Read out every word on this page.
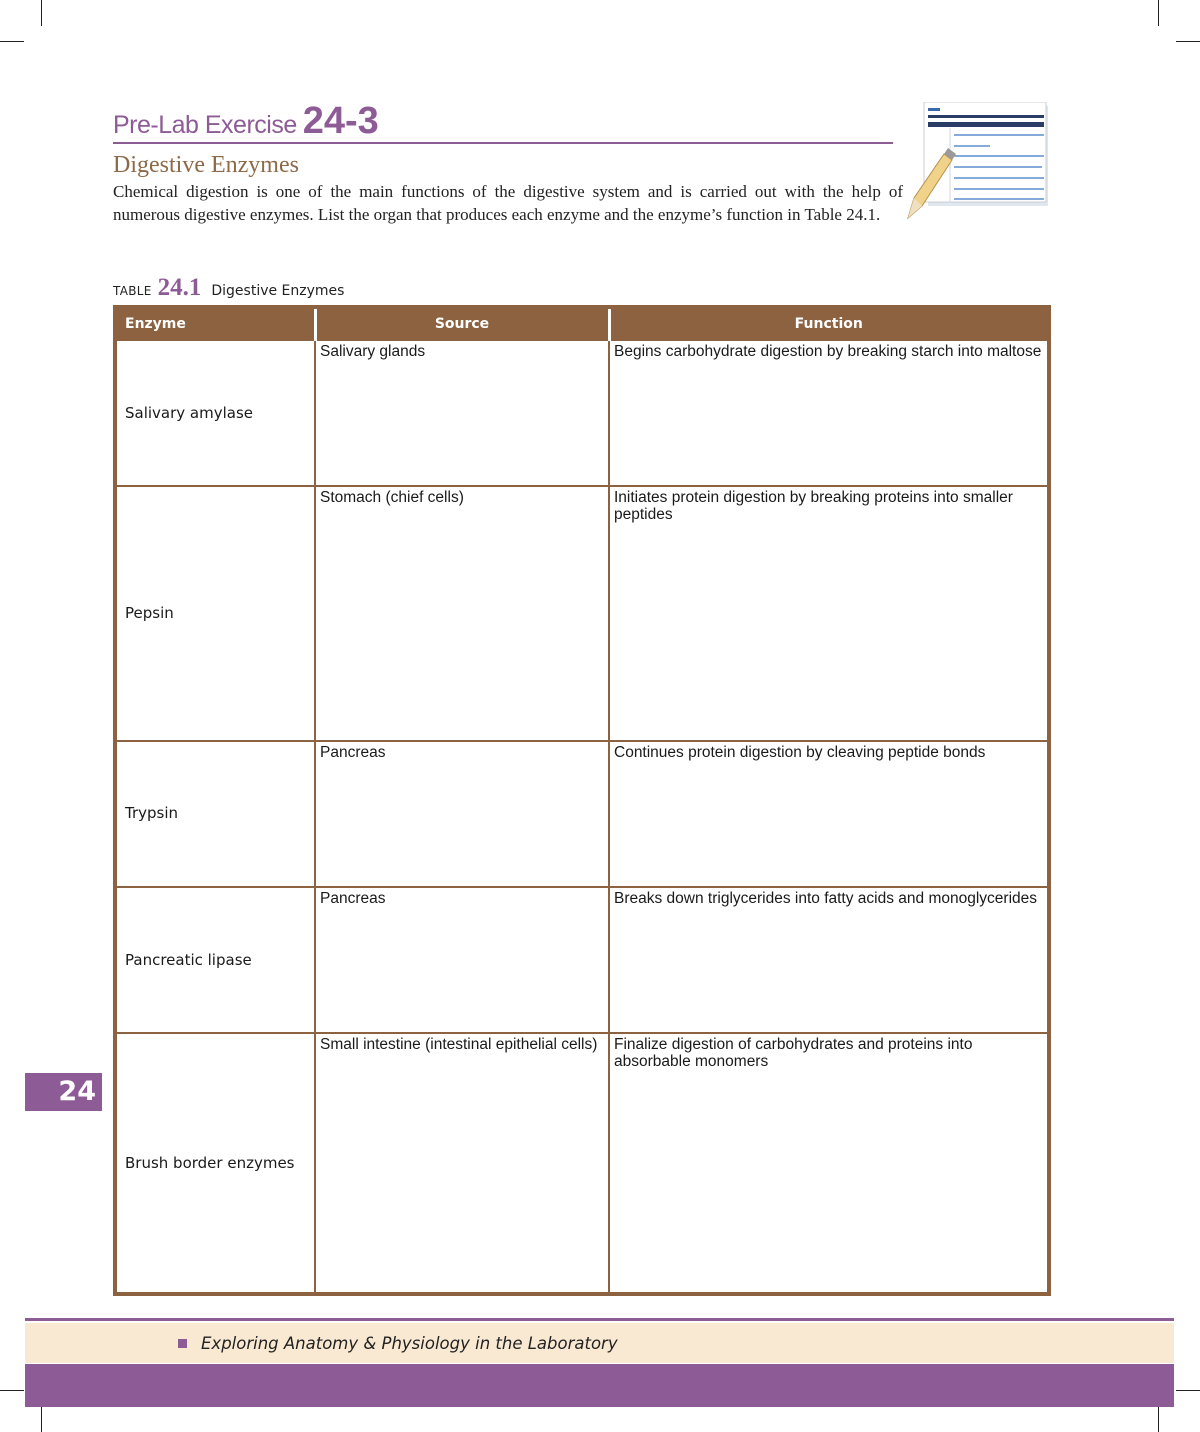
Pre-Lab Exercise 24-3
Digestive Enzymes

Chemical digestion is one of the main functions of the digestive system and is carried out with the help of numerous digestive enzymes. List the organ that produces each enzyme and the enzyme’s function in Table 24.1.

TABLE 24.1 Digestive Enzymes
Enzyme	Source	Function
Salivary amylase	Salivary glands	Begins carbohydrate digestion by breaking starch into maltose
Pepsin	Stomach (chief cells)	Initiates protein digestion by breaking proteins into smaller peptides
Trypsin	Pancreas	Continues protein digestion by cleaving peptide bonds
Pancreatic lipase	Pancreas	Breaks down triglycerides into fatty acids and monoglycerides
Brush border enzymes	Small intestine (intestinal epithelial cells)	Finalize digestion of carbohydrates and proteins into absorbable monomers
24
Exploring Anatomy & Physiology in the Laboratory
